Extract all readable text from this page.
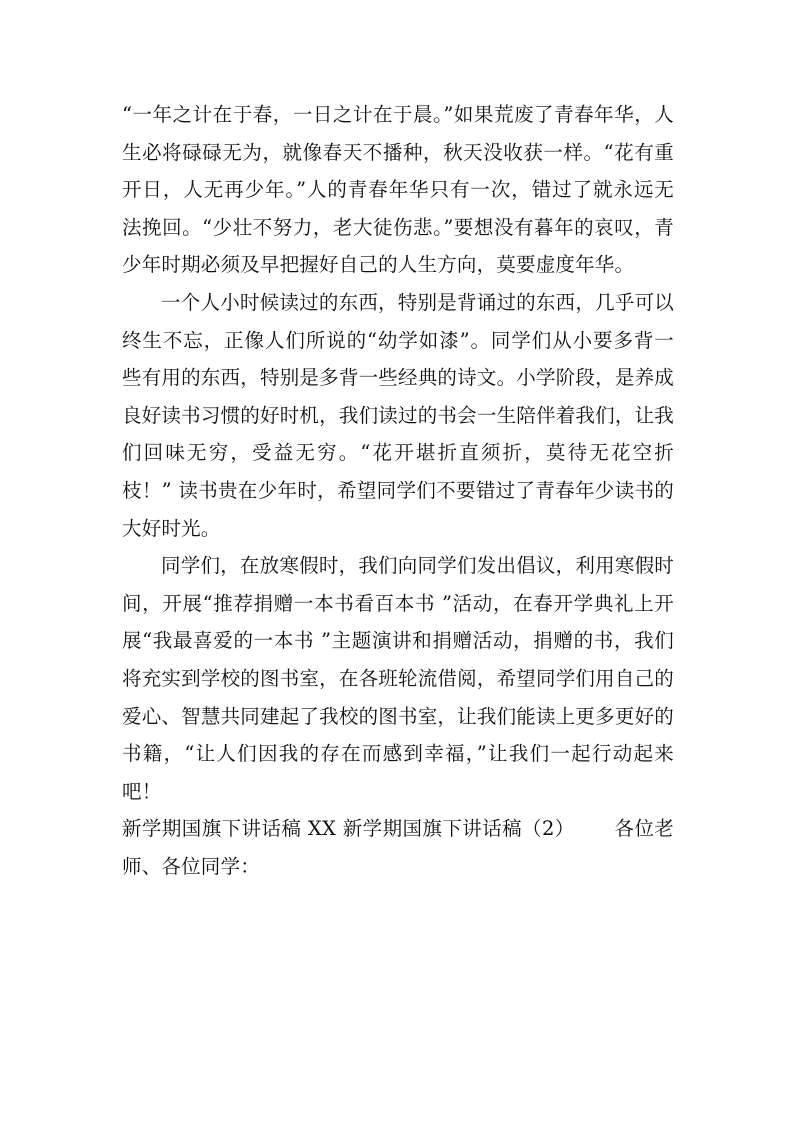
“一年之计在于春，一日之计在于晨。”如果荒废了青春年华，人生必将碌碌无为，就像春天不播种，秋天没收获一样。“花有重开日，人无再少年。”人的青春年华只有一次，错过了就永远无法挽回。“少壮不努力，老大徒伤悲。”要想没有暮年的哀叹，青少年时期必须及早把握好自己的人生方向，莫要虚度年华。

一个人小时候读过的东西，特别是背诵过的东西，几乎可以终生不忘，正像人们所说的“幼学如漆”。同学们从小要多背一些有用的东西，特别是多背一些经典的诗文。小学阶段，是养成良好读书习惯的好时机，我们读过的书会一生陪伴着我们，让我们回味无穷，受益无穷。“花开堪折直须折，莫待无花空折枝！” 读书贵在少年时，希望同学们不要错过了青春年少读书的大好时光。

同学们，在放寒假时，我们向同学们发出倡议，利用寒假时间，开展“推荐捐赠一本书看百本书 ”活动，在春开学典礼上开展“我最喜爱的一本书 ”主题演讲和捐赠活动，捐赠的书，我们将充实到学校的图书室，在各班轮流借阅，希望同学们用自己的爱心、智慧共同建起了我校的图书室，让我们能读上更多更好的书籍，“让人们因我的存在而感到幸福，”让我们一起行动起来吧！

新学期国旗下讲话稿 XX 新学期国旗下讲话稿（2）      各位老师、各位同学：
